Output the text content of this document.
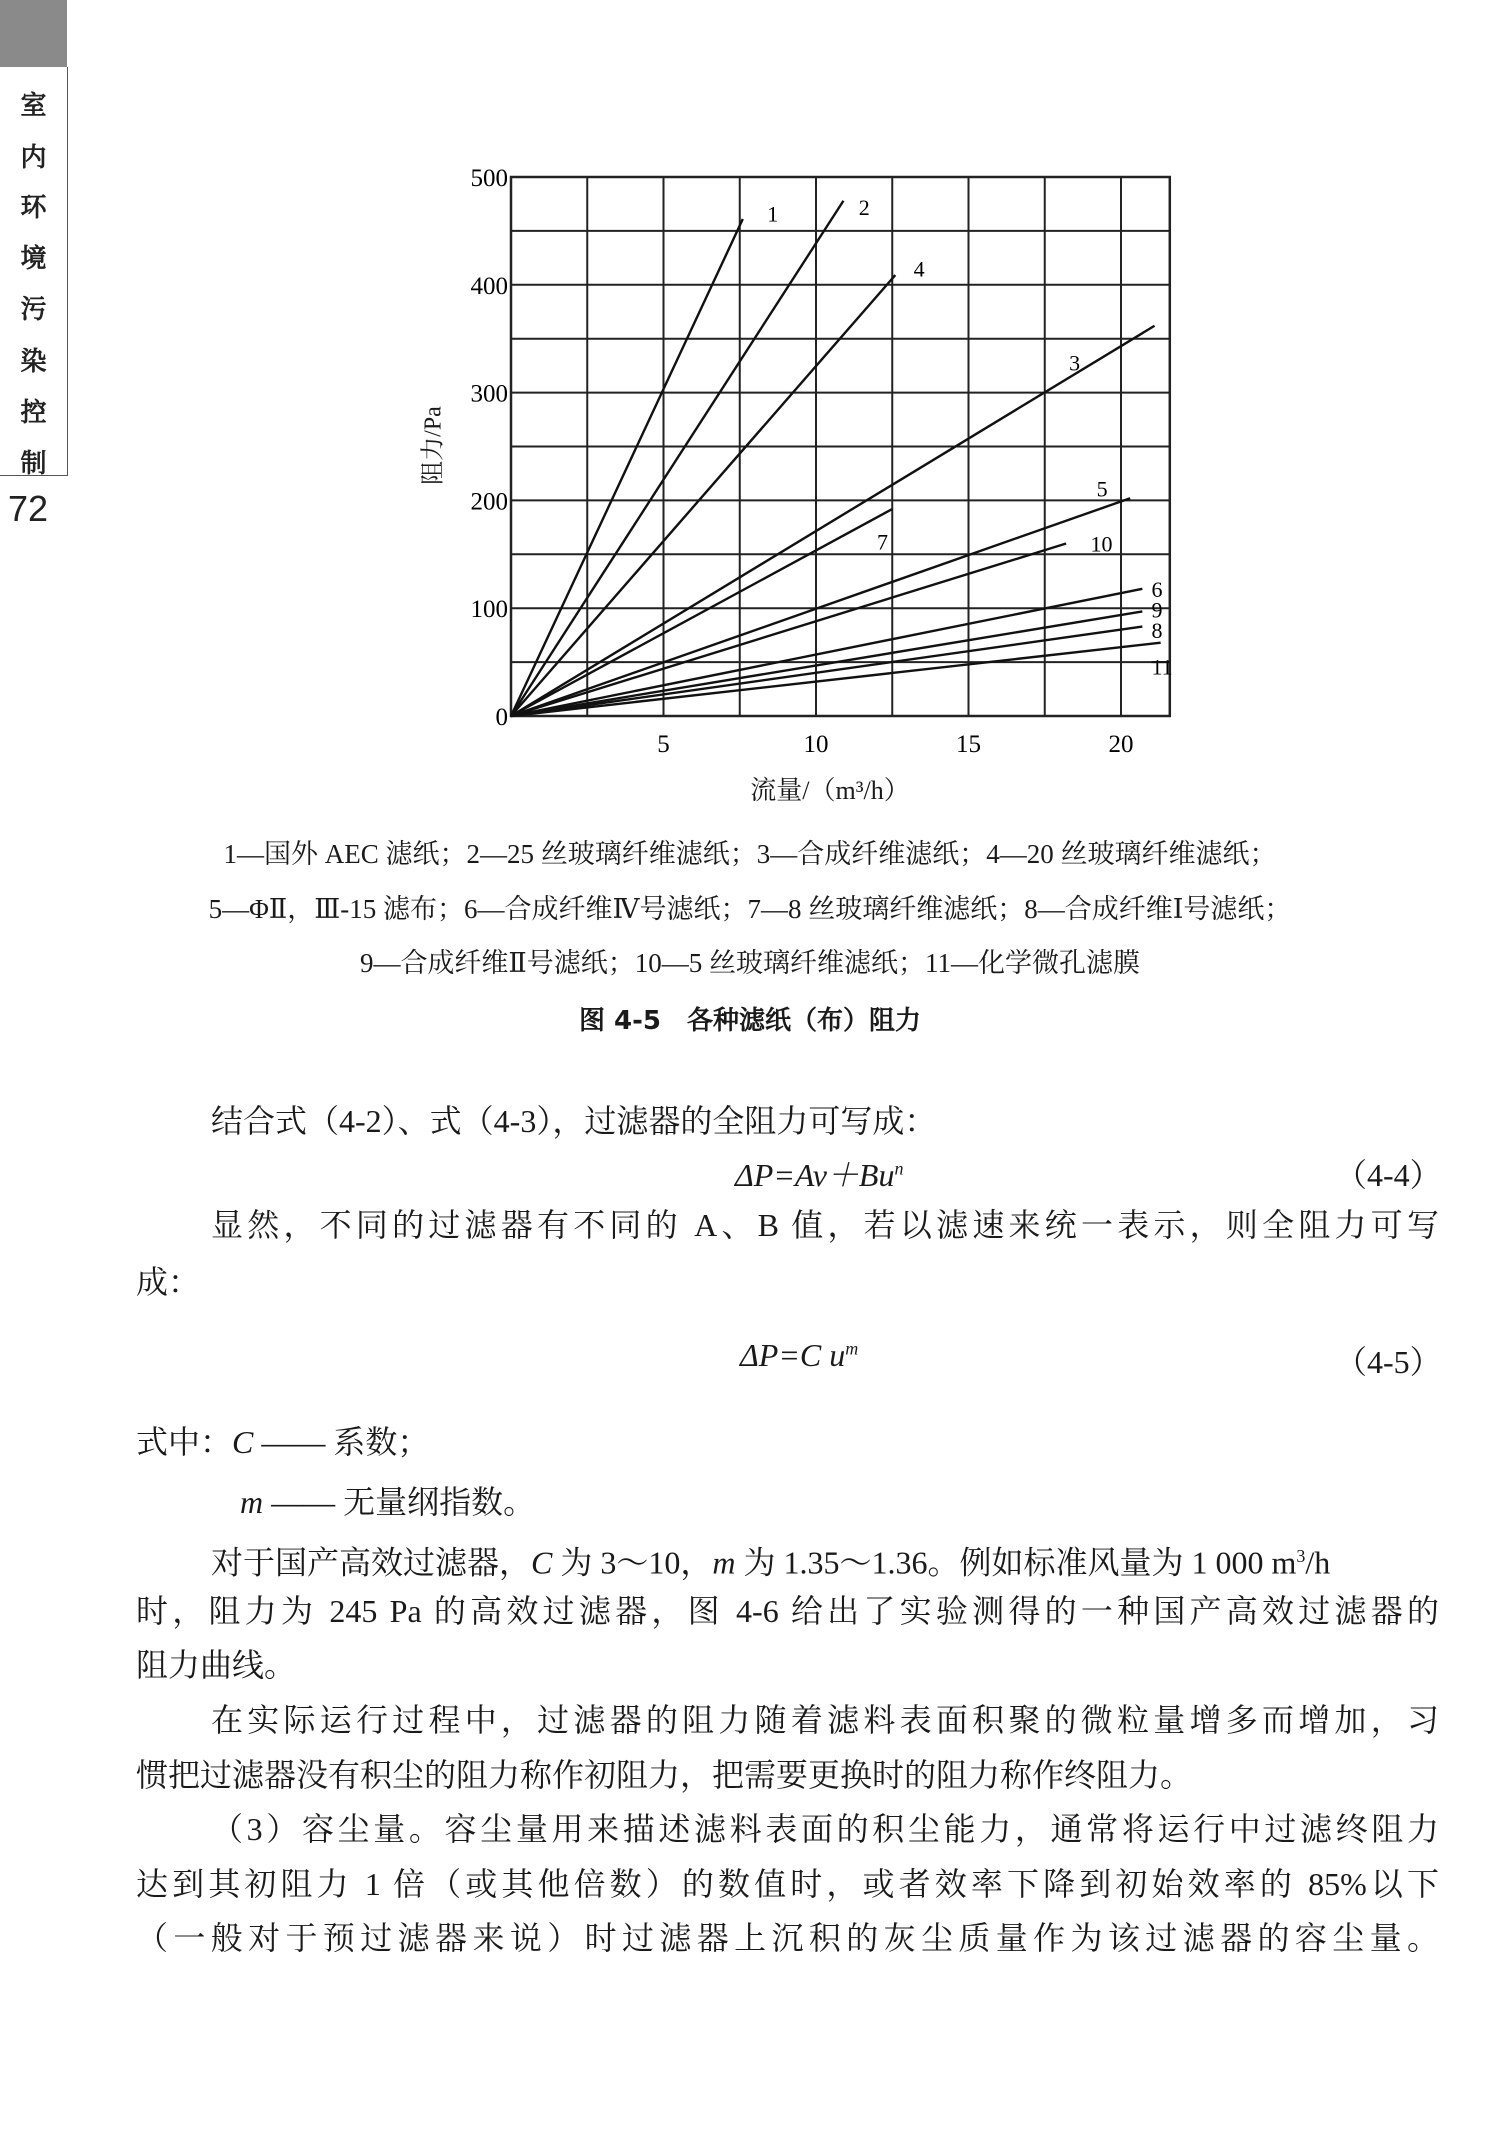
室
内
环
境
污
染
控
制
72
5	10	15	20
0
100
200
300
400
500
1	2
3
4
5
6
7
8
9
10
11
阻力/Pa
流量/（m³/h）
1—国外 AEC 滤纸；2—25 丝玻璃纤维滤纸；3—合成纤维滤纸；4—20 丝玻璃纤维滤纸；
5—ΦⅡ，Ⅲ-15 滤布；6—合成纤维Ⅳ号滤纸；7—8 丝玻璃纤维滤纸；8—合成纤维Ⅰ号滤纸；
9—合成纤维Ⅱ号滤纸；10—5 丝玻璃纤维滤纸；11—化学微孔滤膜
图 4-5　各种滤纸（布）阻力
结合式（4-2）、式（4-3），过滤器的全阻力可写成：
$\Delta P=Av+Bu^n$	（4-4）
显然，不同的过滤器有不同的 A、B 值，若以滤速来统一表示，则全阻力可写
成：
ΔP=C $u^m$	（4-5）
式中：C —— 系数；
m —— 无量纲指数。
对于国产高效过滤器，C 为 3～10，m 为 1.35～1.36。例如标准风量为 1 000 $m^3/h$
时，阻力为 245 Pa 的高效过滤器，图 4-6 给出了实验测得的一种国产高效过滤器的
阻力曲线。
在实际运行过程中，过滤器的阻力随着滤料表面积聚的微粒量增多而增加，习
惯把过滤器没有积尘的阻力称作初阻力，把需要更换时的阻力称作终阻力。
（3）容尘量。容尘量用来描述滤料表面的积尘能力，通常将运行中过滤终阻力
达到其初阻力 1 倍（或其他倍数）的数值时，或者效率下降到初始效率的 85%以下
（一般对于预过滤器来说）时过滤器上沉积的灰尘质量作为该过滤器的容尘量。
